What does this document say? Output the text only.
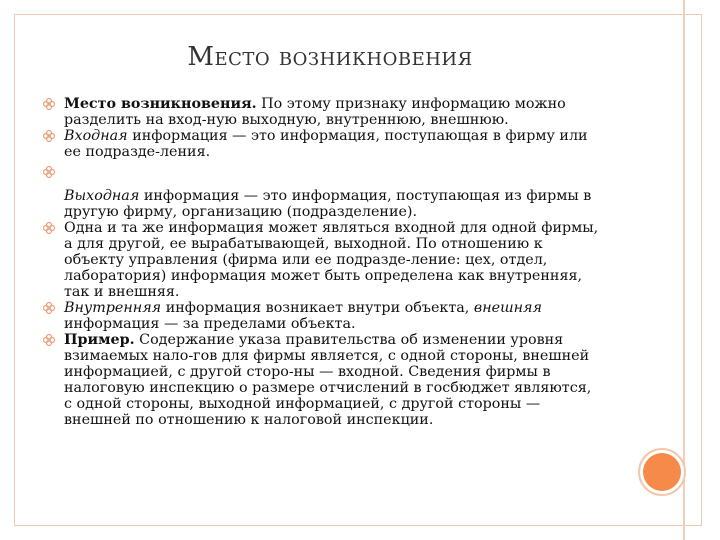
Место возникновения
Место возникновения. По этому признаку информацию можно разделить на вход-ную выходную, внутреннюю, внешнюю.
Входная информация — это информация, поступающая в фирму или ее подразде-ления.
Выходная информация — это информация, поступающая из фирмы в другую фирму, организацию (подразделение).
Одна и та же информация может являться входной для одной фирмы, а для другой, ее вырабатывающей, выходной. По отношению к объекту управления (фирма или ее подразде-ление: цех, отдел, лаборатория) информация может быть определена как внутренняя, так и внешняя.
Внутренняя информация возникает внутри объекта, внешняя информация — за пределами объекта.
Пример. Содержание указа правительства об изменении уровня взимаемых нало-гов для фирмы является, с одной стороны, внешней информацией, с другой сторо-ны — входной. Сведения фирмы в налоговую инспекцию о размере отчислений в госбюджет являются, с одной стороны, выходной информацией, с другой стороны — внешней по отношению к налоговой инспекции.
